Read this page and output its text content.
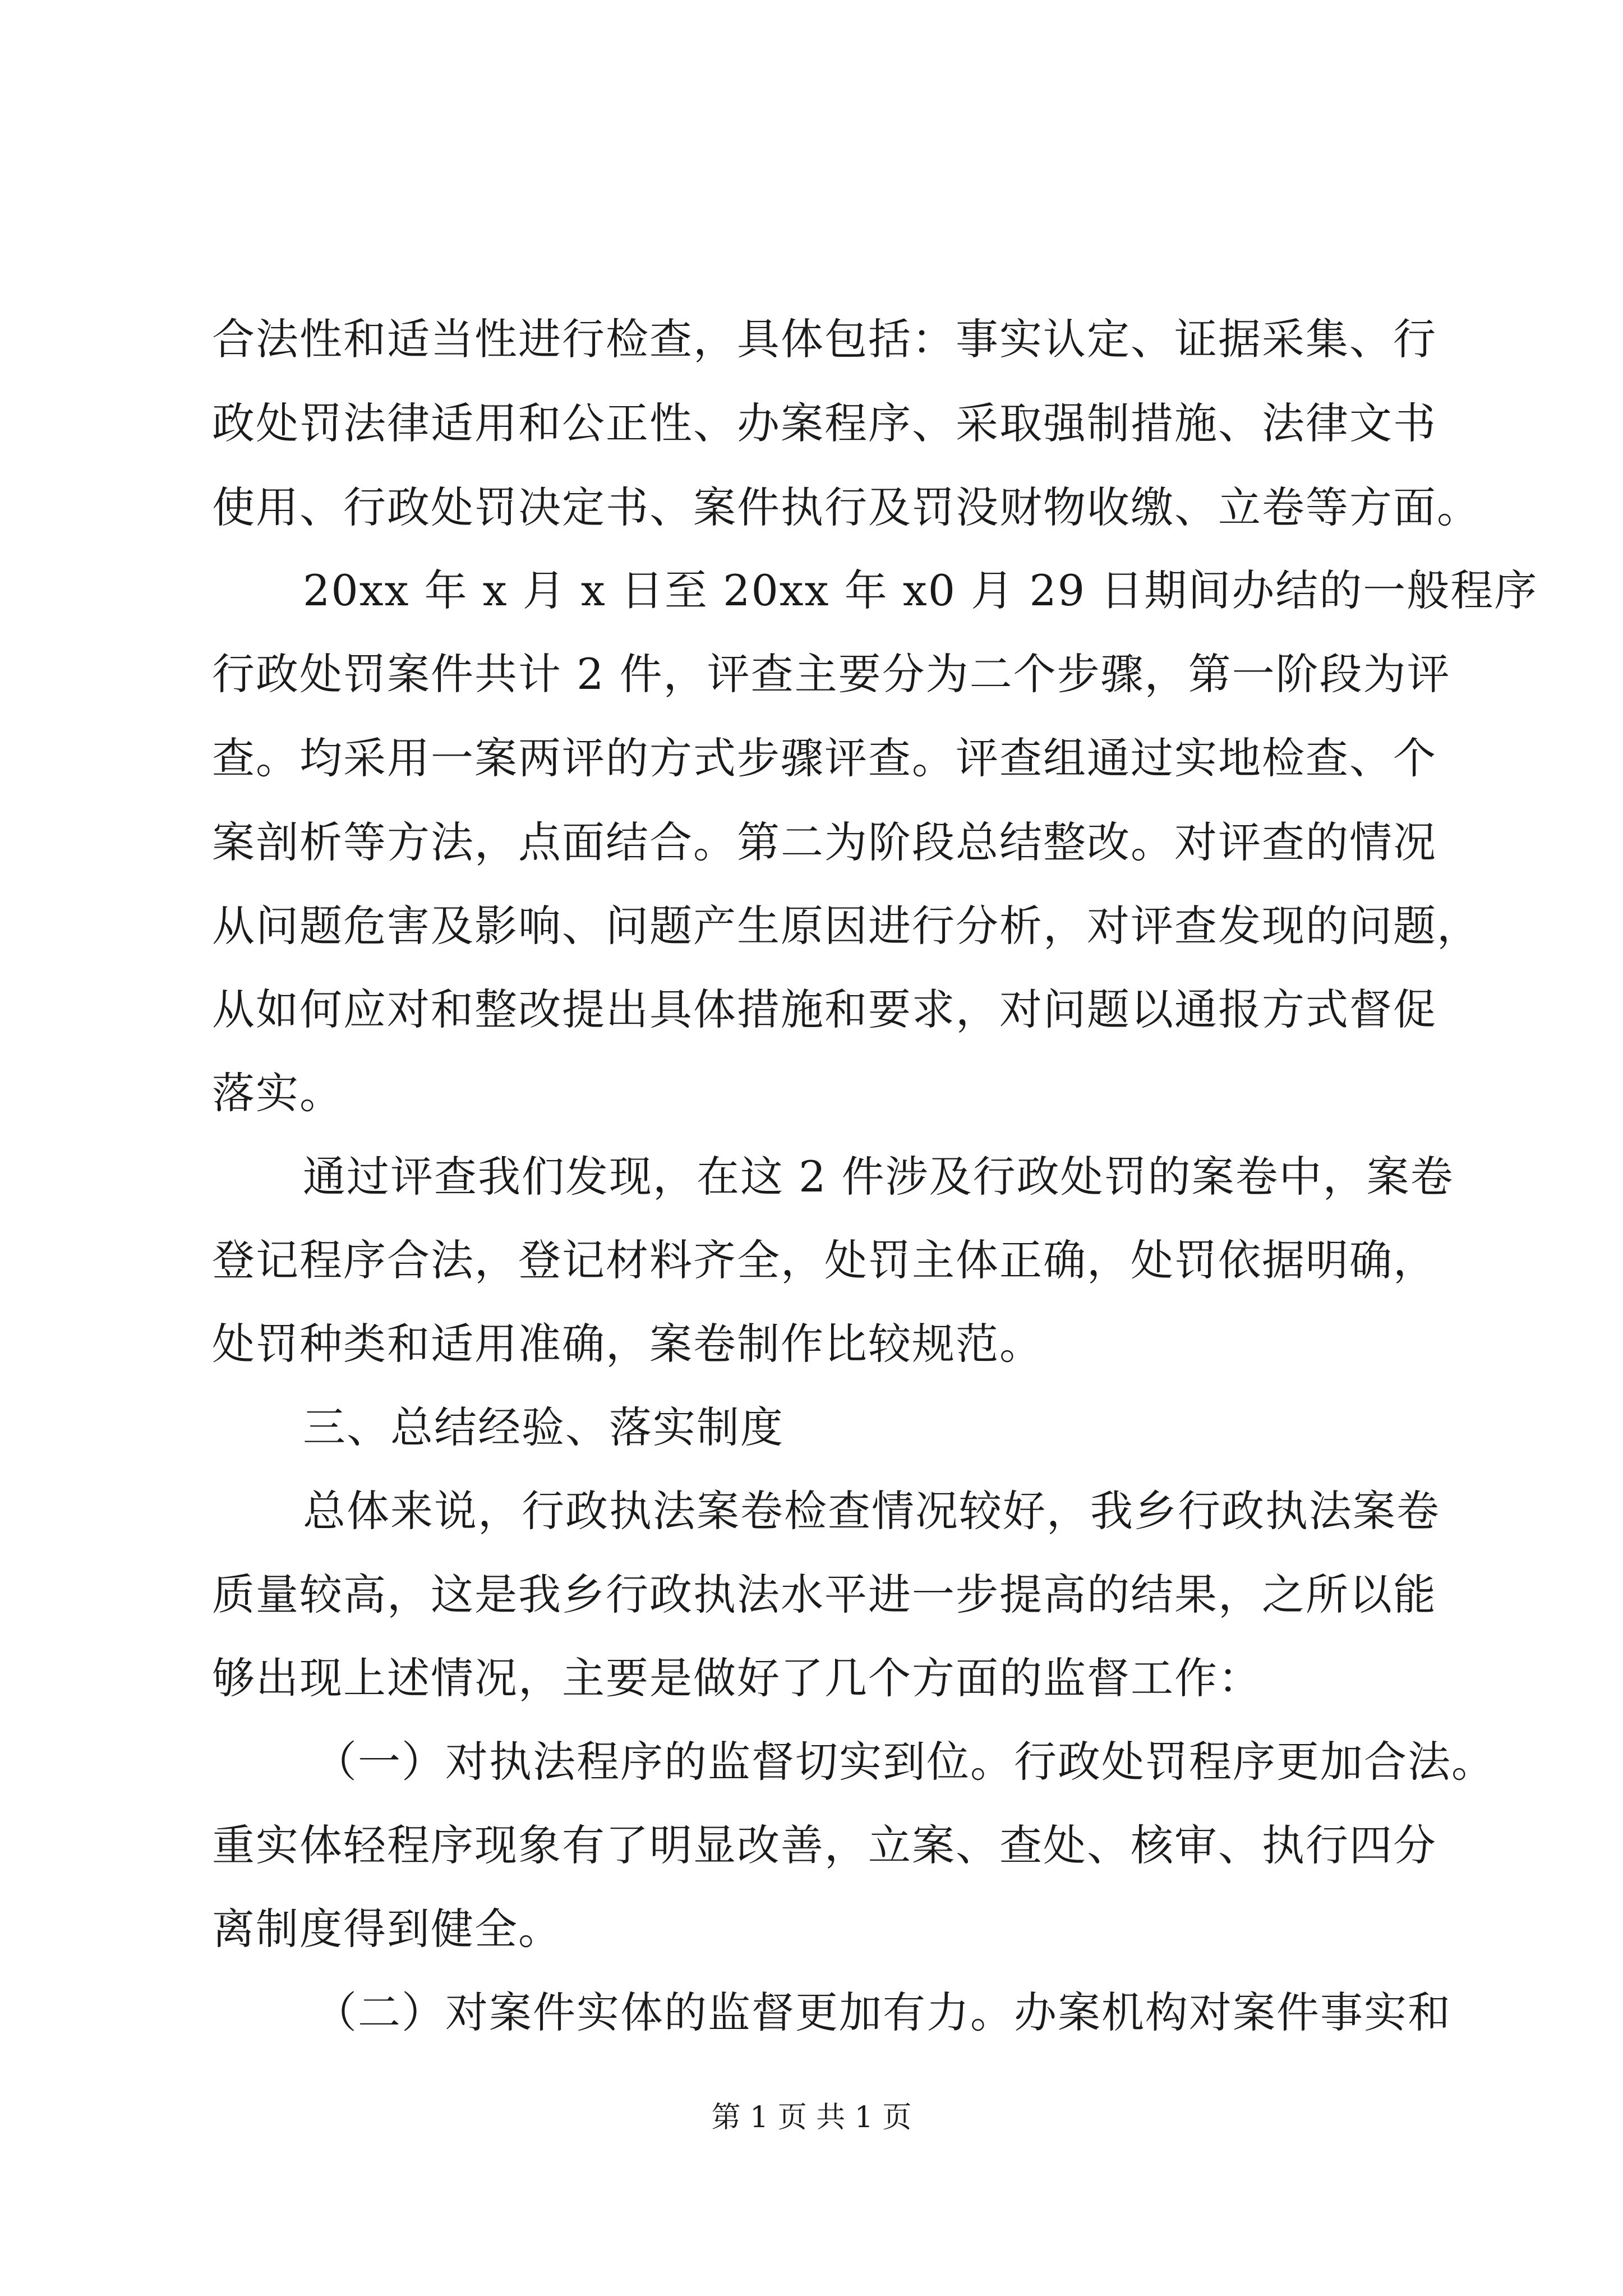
合法性和适当性进行检查，具体包括：事实认定、证据采集、行
政处罚法律适用和公正性、办案程序、采取强制措施、法律文书
使用、行政处罚决定书、案件执行及罚没财物收缴、立卷等方面。
20xx 年 x 月 x 日至 20xx 年 x0 月 29 日期间办结的一般程序
行政处罚案件共计 2 件，评查主要分为二个步骤，第一阶段为评
查。均采用一案两评的方式步骤评查。评查组通过实地检查、个
案剖析等方法，点面结合。第二为阶段总结整改。对评查的情况
从问题危害及影响、问题产生原因进行分析，对评查发现的问题，
从如何应对和整改提出具体措施和要求，对问题以通报方式督促
落实。
通过评查我们发现，在这 2 件涉及行政处罚的案卷中，案卷
登记程序合法，登记材料齐全，处罚主体正确，处罚依据明确，
处罚种类和适用准确，案卷制作比较规范。
三、总结经验、落实制度
总体来说，行政执法案卷检查情况较好，我乡行政执法案卷
质量较高，这是我乡行政执法水平进一步提高的结果，之所以能
够出现上述情况，主要是做好了几个方面的监督工作：
（一）对执法程序的监督切实到位。行政处罚程序更加合法。
重实体轻程序现象有了明显改善，立案、查处、核审、执行四分
离制度得到健全。
（二）对案件实体的监督更加有力。办案机构对案件事实和
第 1 页 共 1 页
